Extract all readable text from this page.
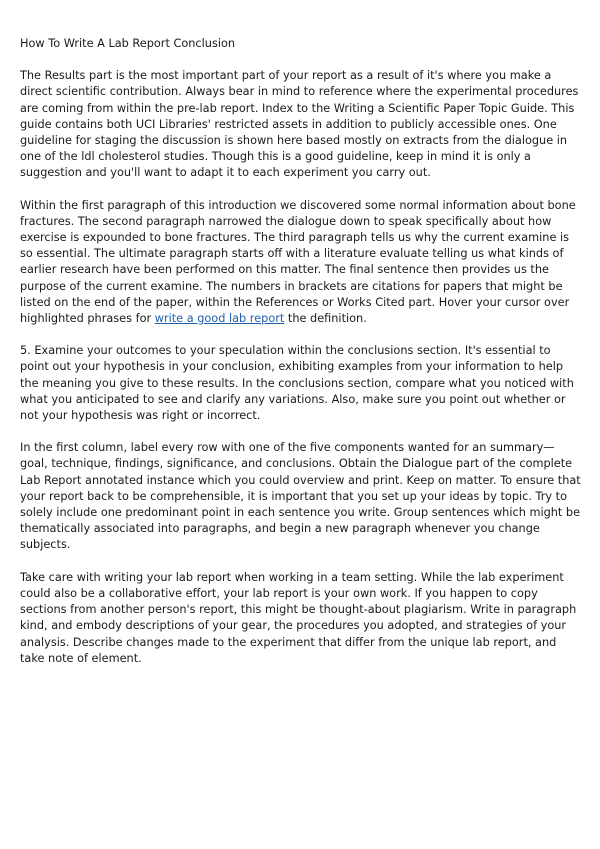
How To Write A Lab Report Conclusion

The Results part is the most important part of your report as a result of it's where you make a direct scientific contribution. Always bear in mind to reference where the experimental procedures are coming from within the pre-lab report. Index to the Writing a Scientific Paper Topic Guide. This guide contains both UCI Libraries' restricted assets in addition to publicly accessible ones. One guideline for staging the discussion is shown here based mostly on extracts from the dialogue in one of the ldl cholesterol studies. Though this is a good guideline, keep in mind it is only a suggestion and you'll want to adapt it to each experiment you carry out.

Within the first paragraph of this introduction we discovered some normal information about bone fractures. The second paragraph narrowed the dialogue down to speak specifically about how exercise is expounded to bone fractures. The third paragraph tells us why the current examine is so essential. The ultimate paragraph starts off with a literature evaluate telling us what kinds of earlier research have been performed on this matter. The final sentence then provides us the purpose of the current examine. The numbers in brackets are citations for papers that might be listed on the end of the paper, within the References or Works Cited part. Hover your cursor over highlighted phrases for write a good lab report the definition.

5. Examine your outcomes to your speculation within the conclusions section. It's essential to point out your hypothesis in your conclusion, exhibiting examples from your information to help the meaning you give to these results. In the conclusions section, compare what you noticed with what you anticipated to see and clarify any variations. Also, make sure you point out whether or not your hypothesis was right or incorrect.

In the first column, label every row with one of the five components wanted for an summary—goal, technique, findings, significance, and conclusions. Obtain the Dialogue part of the complete Lab Report annotated instance which you could overview and print. Keep on matter. To ensure that your report back to be comprehensible, it is important that you set up your ideas by topic. Try to solely include one predominant point in each sentence you write. Group sentences which might be thematically associated into paragraphs, and begin a new paragraph whenever you change subjects.

Take care with writing your lab report when working in a team setting. While the lab experiment could also be a collaborative effort, your lab report is your own work. If you happen to copy sections from another person's report, this might be thought-about plagiarism. Write in paragraph kind, and embody descriptions of your gear, the procedures you adopted, and strategies of your analysis. Describe changes made to the experiment that differ from the unique lab report, and take note of element.
